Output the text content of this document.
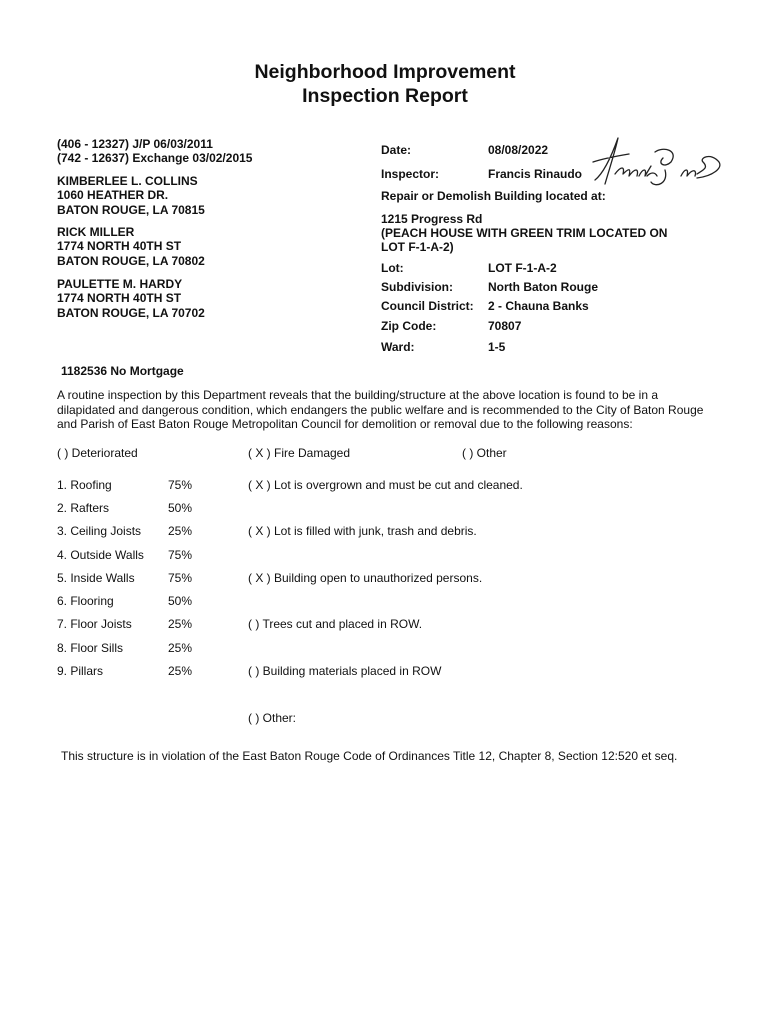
Neighborhood Improvement
Inspection Report
(406 - 12327) J/P 06/03/2011
(742 - 12637) Exchange 03/02/2015
KIMBERLEE L. COLLINS
1060 HEATHER DR.
BATON ROUGE, LA 70815
RICK MILLER
1774 NORTH 40TH ST
BATON ROUGE, LA 70802
PAULETTE M. HARDY
1774 NORTH 40TH ST
BATON ROUGE, LA 70702
Date:	08/08/2022
Inspector:	Francis Rinaudo
Repair or Demolish Building located at:
1215 Progress Rd
(PEACH HOUSE WITH GREEN TRIM LOCATED ON
LOT F-1-A-2)
Lot:	LOT F-1-A-2
Subdivision:	North Baton Rouge
Council District: 2 - Chauna Banks
Zip Code:	70807
Ward:	1-5
1182536 No Mortgage
A routine inspection by this Department reveals that the building/structure at the above location is found to be in a dilapidated and dangerous condition, which endangers the public welfare and is recommended to the City of Baton Rouge and Parish of East Baton Rouge Metropolitan Council for demolition or removal due to the following reasons:
( ) Deteriorated	( X ) Fire Damaged	( ) Other
1. Roofing	75%
2. Rafters	50%
3. Ceiling Joists 25%
4. Outside Walls 75%
5. Inside Walls	75%
6. Flooring	50%
7. Floor Joists	25%
8. Floor Sills	25%
9. Pillars	25%
( X ) Lot is overgrown and must be cut and cleaned.
( X ) Lot is filled with junk, trash and debris.
( X ) Building open to unauthorized persons.
( ) Trees cut and placed in ROW.
( ) Building materials placed in ROW
( ) Other:
This structure is in violation of the East Baton Rouge Code of Ordinances Title 12, Chapter 8, Section 12:520 et seq.
